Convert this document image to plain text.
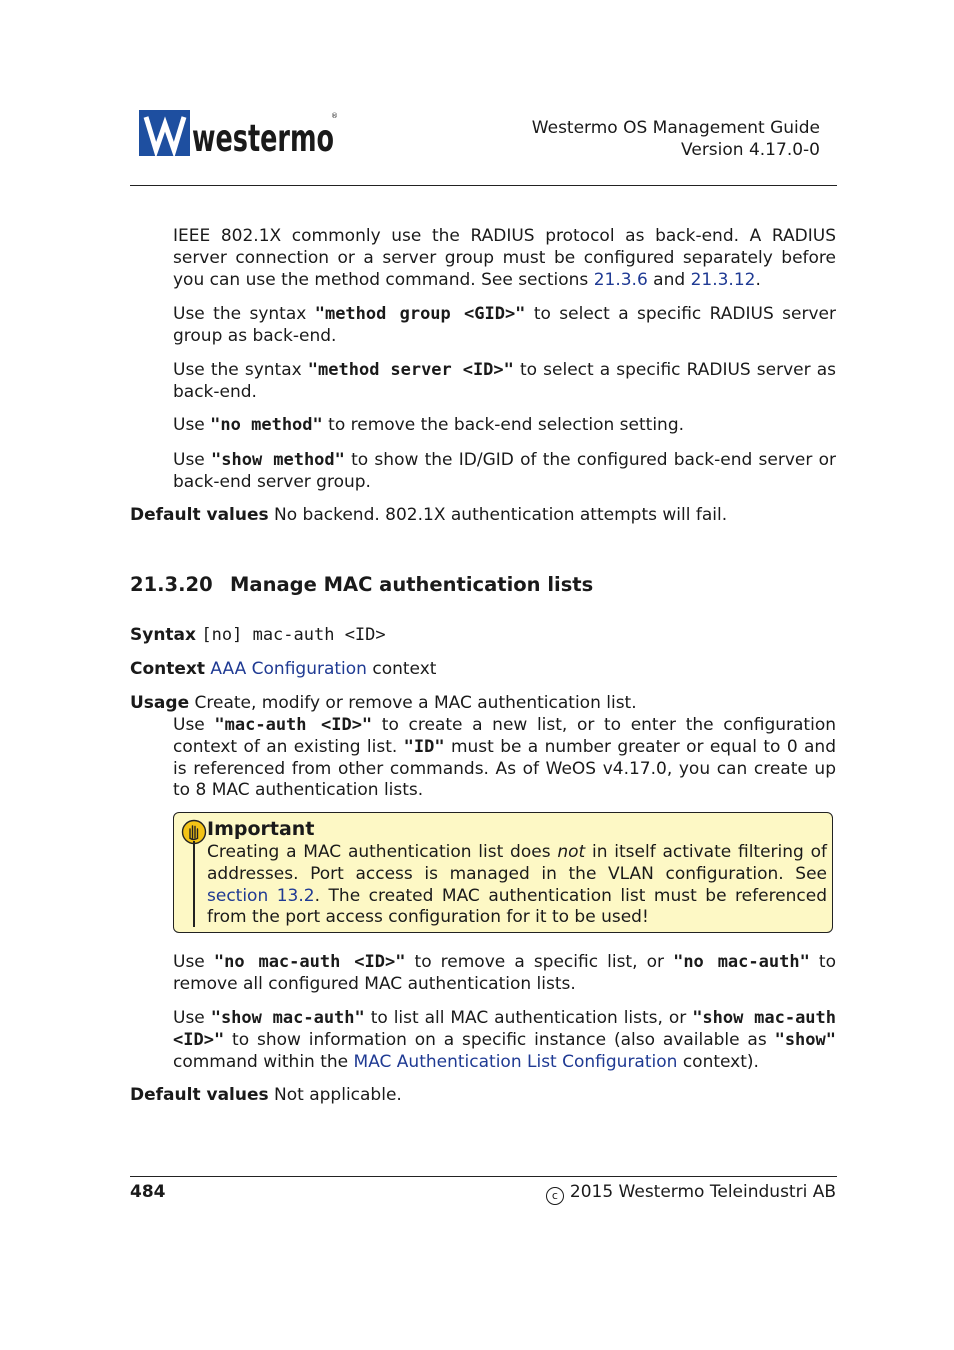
westermo
®
Westermo OS Management Guide
Version 4.17.0-0
IEEE 802.1X commonly use the RADIUS protocol as back-end. A RADIUS server connection or a server group must be configured separately before you can use the method command. See sections 21.3.6 and 21.3.12.
Use the syntax "method group <GID>" to select a specific RADIUS server group as back-end.
Use the syntax "method server <ID>" to select a specific RADIUS server as back-end.
Use "no method" to remove the back-end selection setting.
Use "show method" to show the ID/GID of the configured back-end server or back-end server group.
Default values No backend. 802.1X authentication attempts will fail.
21.3.20 Manage MAC authentication lists
Syntax [no] mac-auth <ID>
Context AAA Configuration context
Usage Create, modify or remove a MAC authentication list.
Use "mac-auth <ID>" to create a new list, or to enter the configuration context of an existing list. "ID" must be a number greater or equal to 0 and is referenced from other commands. As of WeOS v4.17.0, you can create up to 8 MAC authentication lists.
Important
Creating a MAC authentication list does not in itself activate filtering of addresses. Port access is managed in the VLAN configuration. See section 13.2. The created MAC authentication list must be referenced from the port access configuration for it to be used!
Use "no mac-auth <ID>" to remove a specific list, or "no mac-auth" to remove all configured MAC authentication lists.
Use "show mac-auth" to list all MAC authentication lists, or "show mac-auth <ID>" to show information on a specific instance (also available as "show" command within the MAC Authentication List Configuration context).
Default values Not applicable.
484	c 2015 Westermo Teleindustri AB
